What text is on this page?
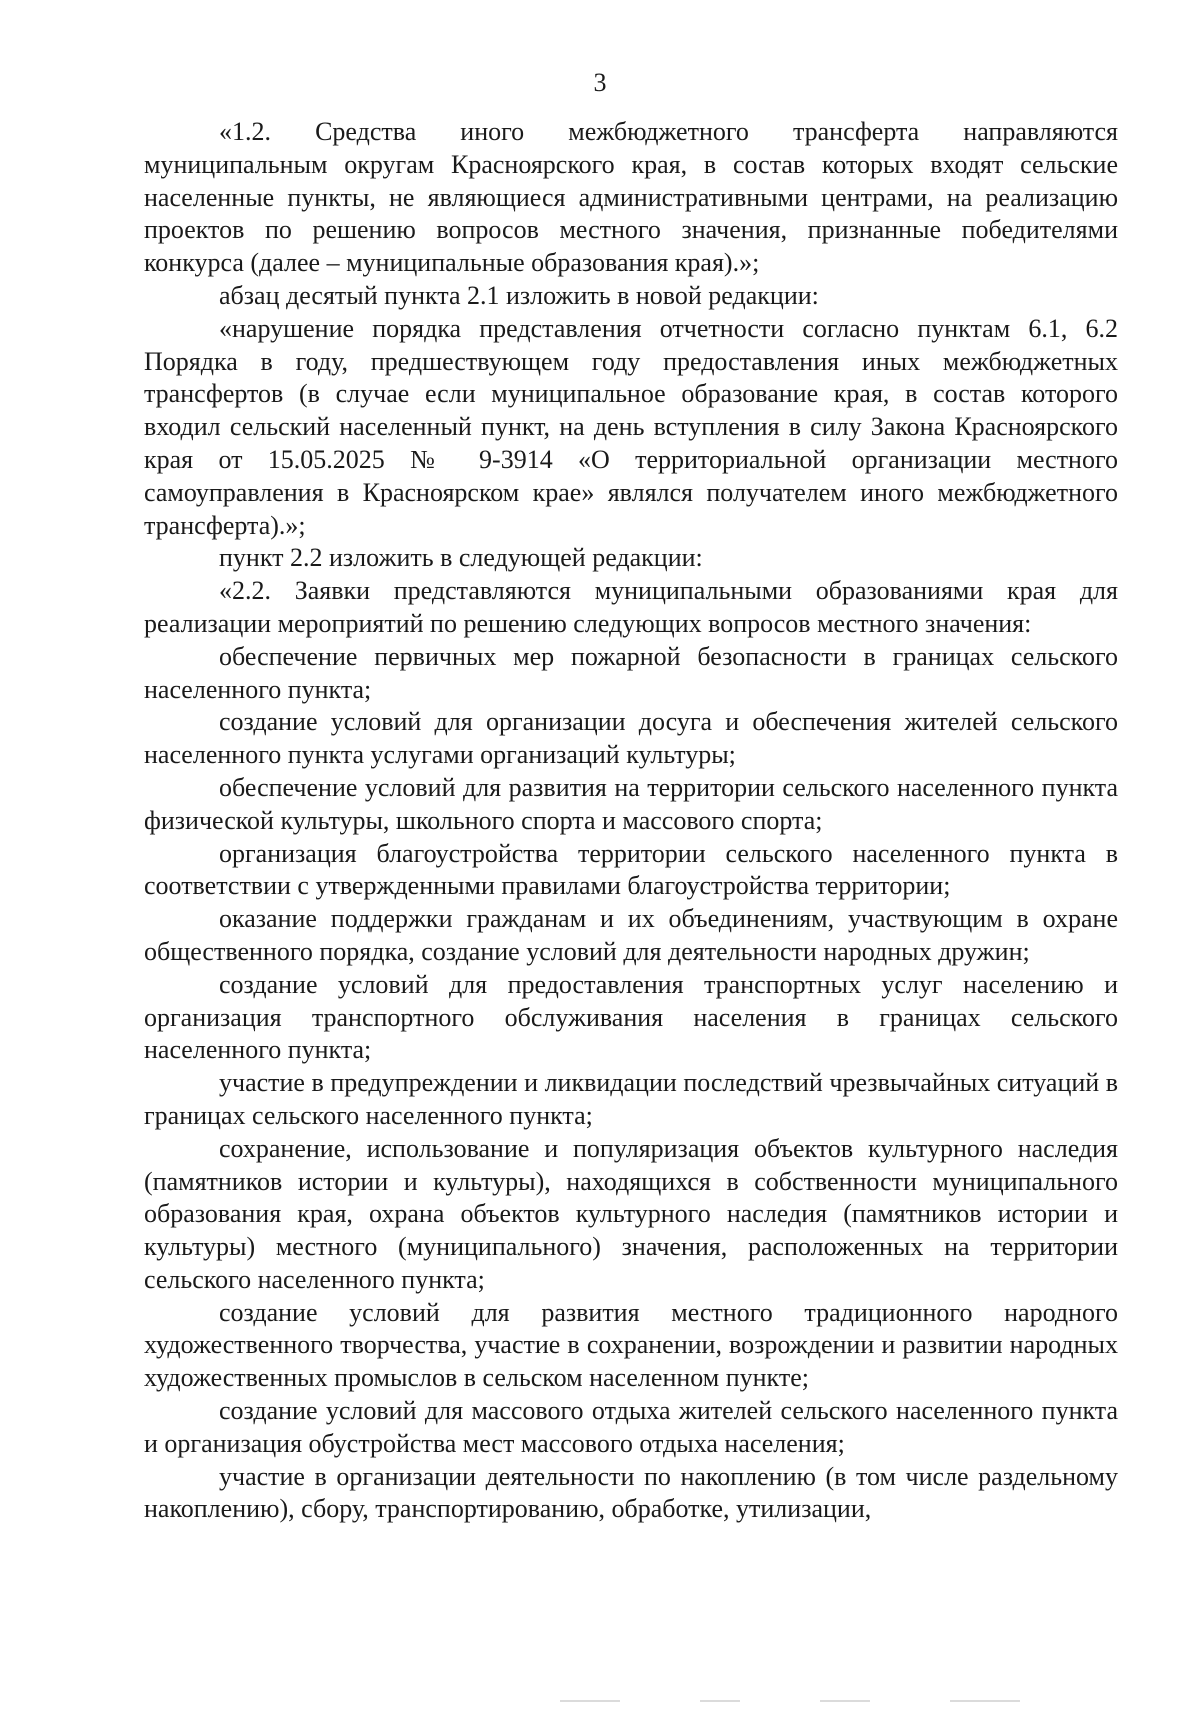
3

«1.2. Средства иного межбюджетного трансферта направляются муниципальным округам Красноярского края, в состав которых входят сельские населенные пункты, не являющиеся административными центрами, на реализацию проектов по решению вопросов местного значения, признанные победителями конкурса (далее – муниципальные образования края).»;

абзац десятый пункта 2.1 изложить в новой редакции:

«нарушение порядка представления отчетности согласно пунктам 6.1, 6.2 Порядка в году, предшествующем году предоставления иных межбюджетных трансфертов (в случае если муниципальное образование края, в состав которого входил сельский населенный пункт, на день вступления в силу Закона Красноярского края от 15.05.2025 № 9-3914 «О территориальной организации местного самоуправления в Красноярском крае» являлся получателем иного межбюджетного трансферта).»;

пункт 2.2 изложить в следующей редакции:

«2.2. Заявки представляются муниципальными образованиями края для реализации мероприятий по решению следующих вопросов местного значения:

обеспечение первичных мер пожарной безопасности в границах сельского населенного пункта;

создание условий для организации досуга и обеспечения жителей сельского населенного пункта услугами организаций культуры;

обеспечение условий для развития на территории сельского населенного пункта физической культуры, школьного спорта и массового спорта;

организация благоустройства территории сельского населенного пункта в соответствии с утвержденными правилами благоустройства территории;

оказание поддержки гражданам и их объединениям, участвующим в охране общественного порядка, создание условий для деятельности народных дружин;

создание условий для предоставления транспортных услуг населению и организация транспортного обслуживания населения в границах сельского населенного пункта;

участие в предупреждении и ликвидации последствий чрезвычайных ситуаций в границах сельского населенного пункта;

сохранение, использование и популяризация объектов культурного наследия (памятников истории и культуры), находящихся в собственности муниципального образования края, охрана объектов культурного наследия (памятников истории и культуры) местного (муниципального) значения, расположенных на территории сельского населенного пункта;

создание условий для развития местного традиционного народного художественного творчества, участие в сохранении, возрождении и развитии народных художественных промыслов в сельском населенном пункте;

создание условий для массового отдыха жителей сельского населенного пункта и организация обустройства мест массового отдыха населения;

участие в организации деятельности по накоплению (в том числе раздельному накоплению), сбору, транспортированию, обработке, утилизации,
